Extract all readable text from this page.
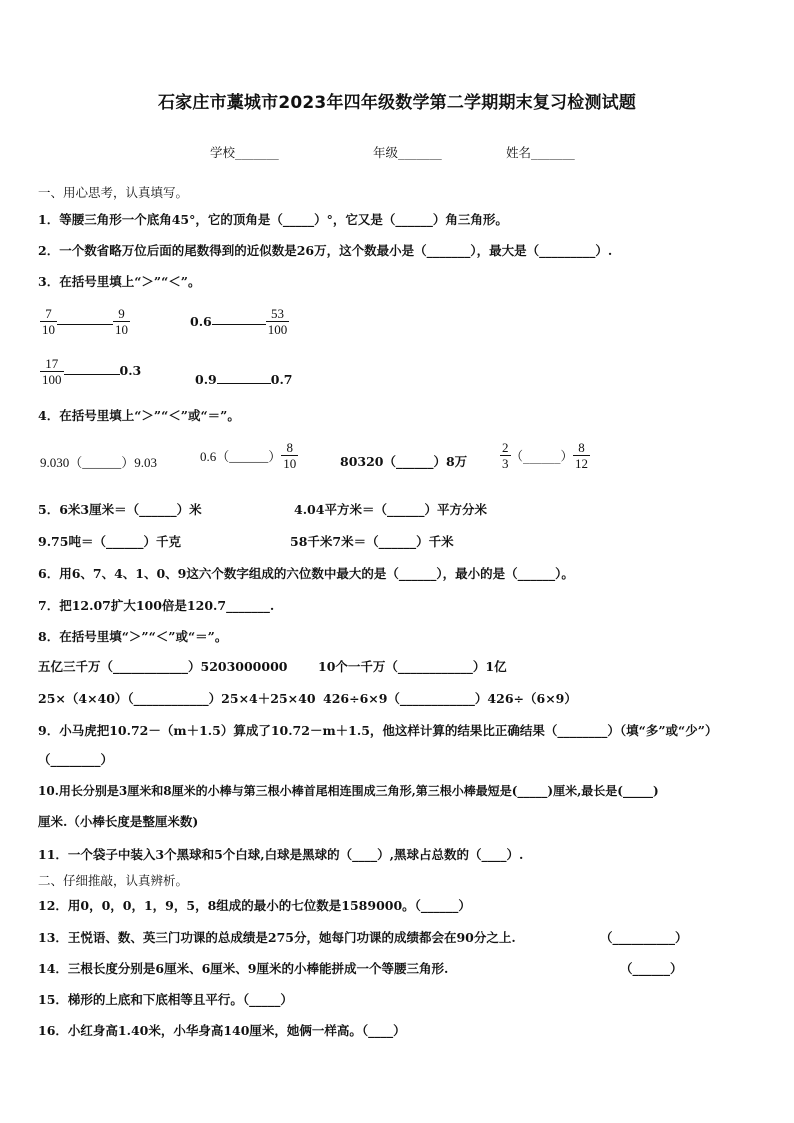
石家庄市藁城市2023年四年级数学第二学期期末复习检测试题
学校_______	年级_______	姓名_______
一、用心思考，认真填写。
1．等腰三角形一个底角45°，它的顶角是（_____）°，它又是（______）角三角形。
2．一个数省略万位后面的尾数得到的近似数是26万，这个数最小是（_______），最大是（_________）.
3．在括号里填上“＞”“＜”。
$\frac{7}{10}$	$\frac{9}{10}$	0.6	$\frac{53}{100}$
$\frac{17}{100}$	0.3
0.9	0.7
4．在括号里填上“＞”“＜”或“＝”。
9.030（______）9.03	0.6（______） $\frac{8}{10}$	80320（______）8万	$\frac{2}{3}$ （______） $\frac{8}{12}$
5．6米3厘米＝（______）米	4.04平方米＝（______）平方分米
9.75吨＝（______）千克	58千米7米＝（______）千米
6．用6、7、4、1、0、9这六个数字组成的六位数中最大的是（______），最小的是（______）。
7．把12.07扩大100倍是120.7_______.
8．在括号里填“＞”“＜”或“＝”。
五亿三千万（____________）5203000000 10个一千万（____________）1亿
25×（4×40）（____________）25×4＋25×40 426÷6×9（____________）426÷（6×9）
9．小马虎把10.72－（m＋1.5）算成了10.72－m＋1.5，他这样计算的结果比正确结果（________）（填“多”或“少”）
（________）
10.用长分别是3厘米和8厘米的小棒与第三根小棒首尾相连围成三角形,第三根小棒最短是(_____)厘米,最长是(_____)
厘米.（小棒长度是整厘米数)
11．一个袋子中装入3个黑球和5个白球,白球是黑球的（____）,黑球占总数的（____）.
二、仔细推敲，认真辨析。
12．用0，0，0，1，9，5，8组成的最小的七位数是1589000。（______）
13．王悦语、数、英三门功课的总成绩是275分，她每门功课的成绩都会在90分之上.	（__________）
14．三根长度分别是6厘米、6厘米、9厘米的小棒能拼成一个等腰三角形.	（______）
15．梯形的上底和下底相等且平行。（_____）
16．小红身高1.40米，小华身高140厘米，她俩一样高。（____）
